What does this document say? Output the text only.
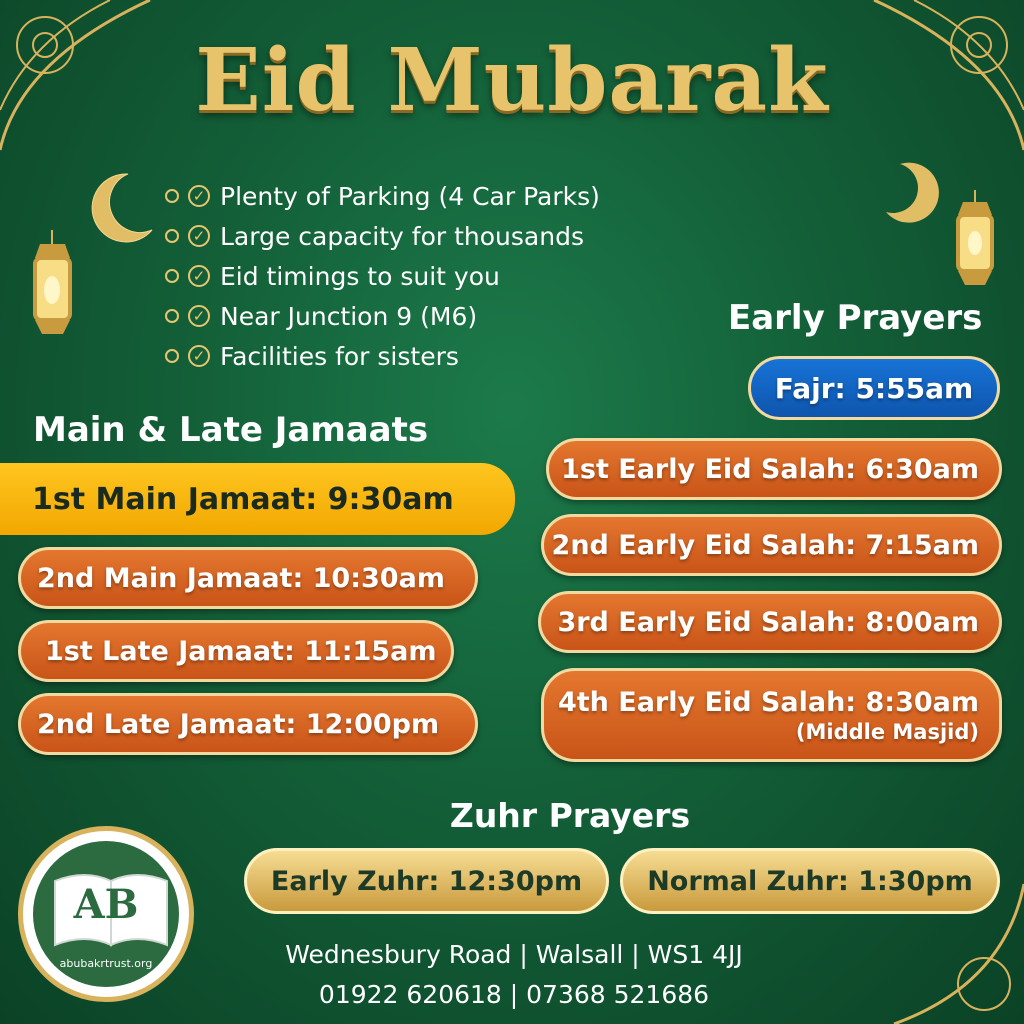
Eid Mubarak
✓ Plenty of Parking (4 Car Parks)
✓ Large capacity for thousands
✓ Eid timings to suit you
✓ Near Junction 9 (M6)
✓ Facilities for sisters
Early Prayers
Fajr: 5:55am
1st Early Eid Salah: 6:30am
2nd Early Eid Salah: 7:15am
3rd Early Eid Salah: 8:00am
4th Early Eid Salah: 8:30am
(Middle Masjid)
Main & Late Jamaats
1st Main Jamaat: 9:30am
2nd Main Jamaat: 10:30am
1st Late Jamaat: 11:15am
2nd Late Jamaat: 12:00pm
Zuhr Prayers
Early Zuhr: 12:30pm	Normal Zuhr: 1:30pm
AB
abubakrtrust.org	Wednesbury Road | Walsall | WS1 4JJ
01922 620618 | 07368 521686
